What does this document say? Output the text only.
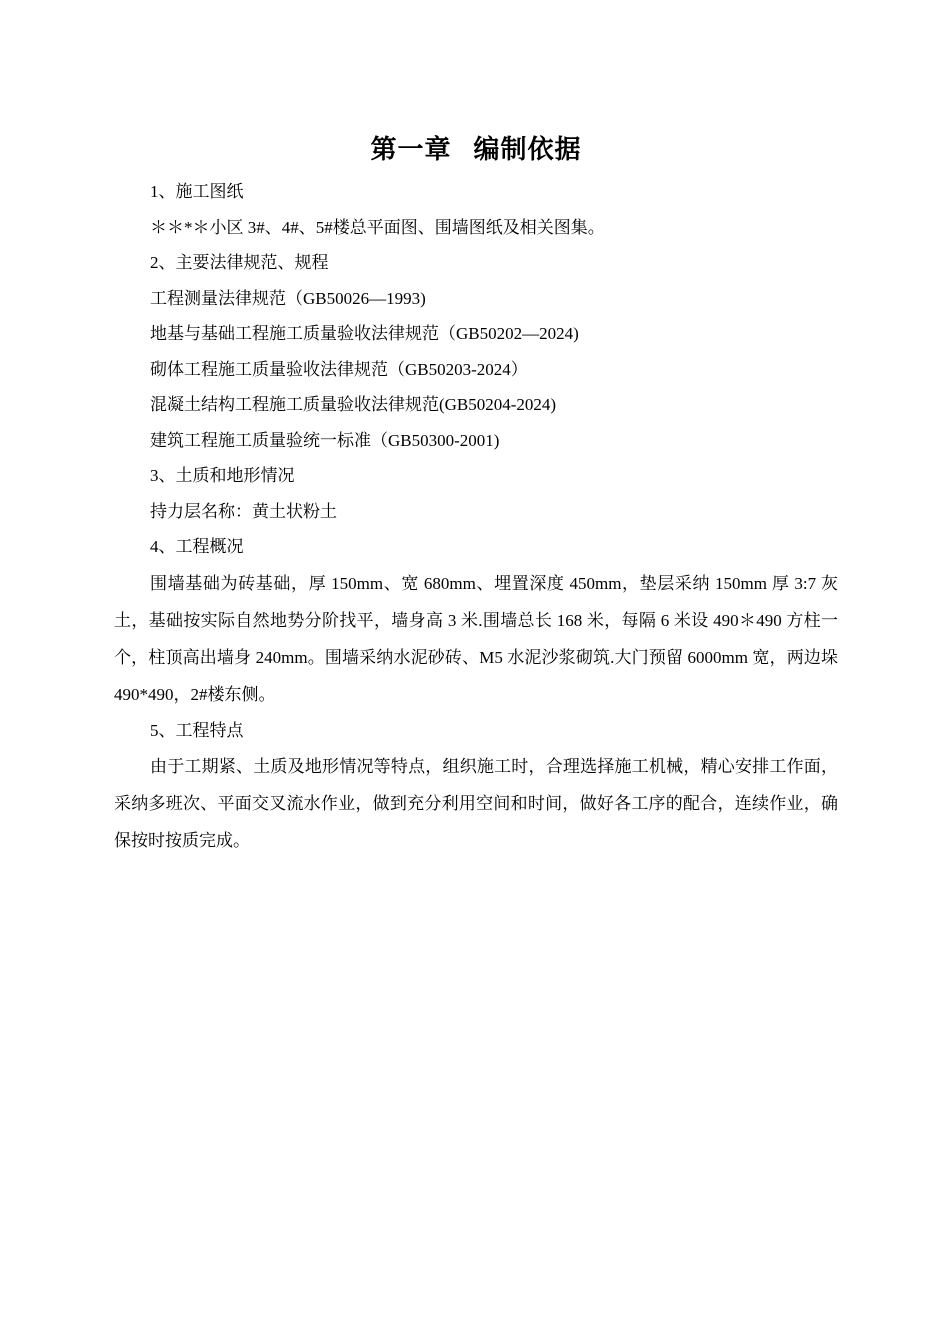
第一章 编制依据

1、施工图纸

＊＊*＊小区 3#、4#、5#楼总平面图、围墙图纸及相关图集。

2、主要法律规范、规程

工程测量法律规范（GB50026—1993)

地基与基础工程施工质量验收法律规范（GB50202—2024)

砌体工程施工质量验收法律规范（GB50203-2024）

混凝土结构工程施工质量验收法律规范(GB50204-2024)

建筑工程施工质量验统一标准（GB50300-2001)

3、土质和地形情况

持力层名称：黄土状粉土

4、工程概况

围墙基础为砖基础，厚 150mm、宽 680mm、埋置深度 450mm，垫层采纳 150mm 厚 3:7 灰土，基础按实际自然地势分阶找平，墙身高 3 米.围墙总长 168 米，每隔 6 米设 490＊490 方柱一个，柱顶高出墙身 240mm。围墙采纳水泥砂砖、M5 水泥沙浆砌筑.大门预留 6000mm 宽，两边垛 490*490，2#楼东侧。

5、工程特点

由于工期紧、土质及地形情况等特点，组织施工时，合理选择施工机械，精心安排工作面，采纳多班次、平面交叉流水作业，做到充分利用空间和时间，做好各工序的配合，连续作业，确保按时按质完成。
